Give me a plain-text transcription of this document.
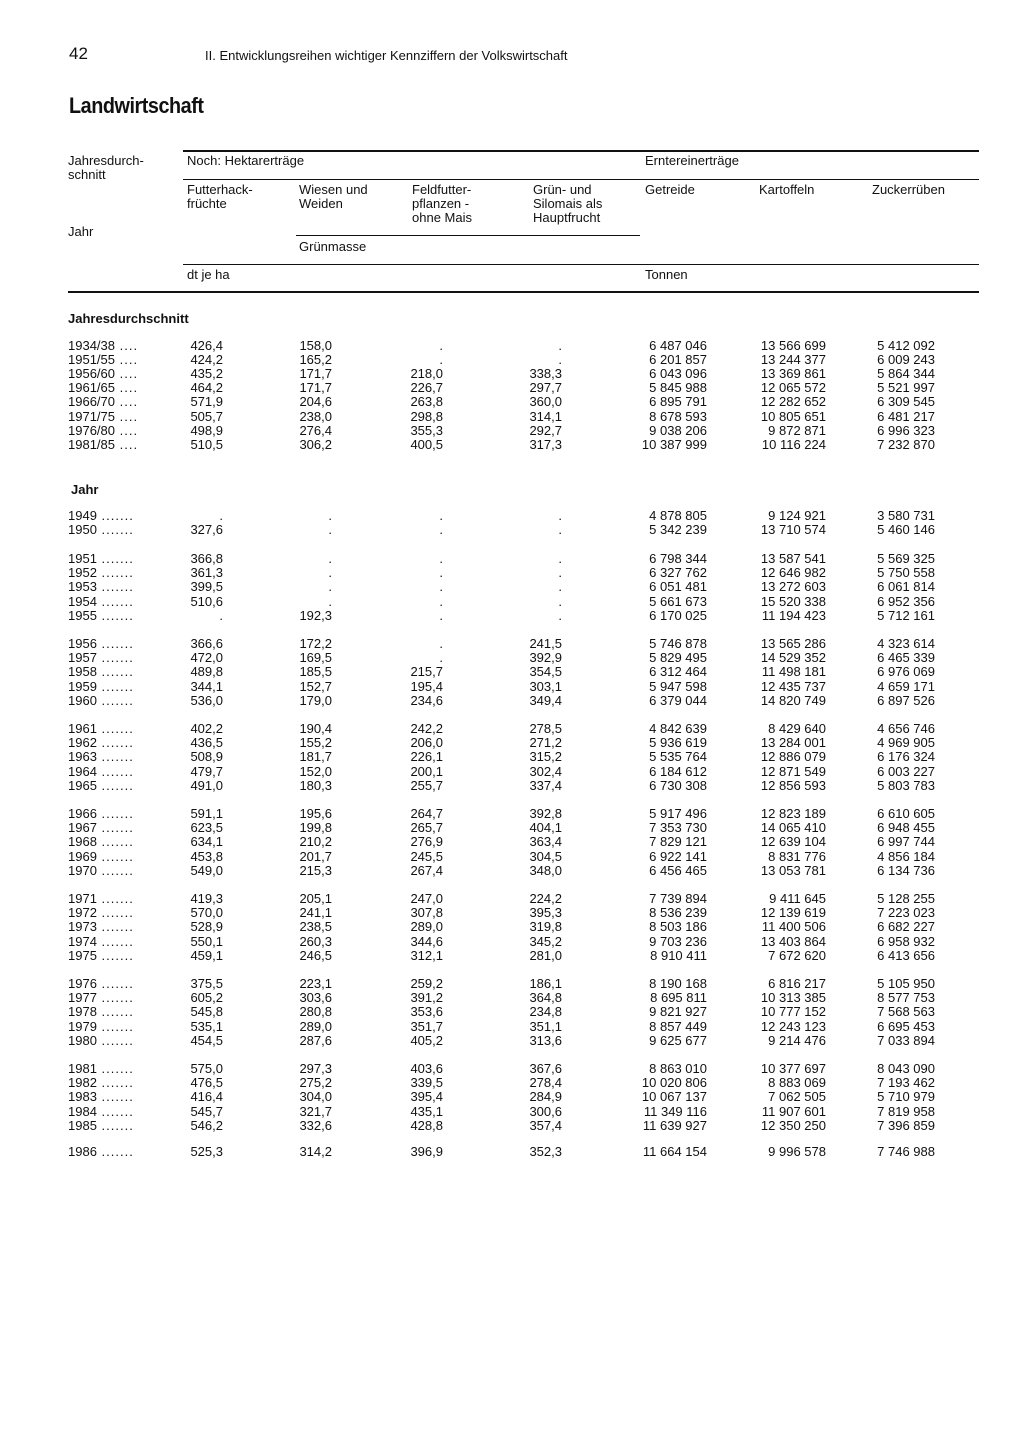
42	II. Entwicklungsreihen wichtiger Kennziffern der Volkswirtschaft
Landwirtschaft
Jahresdurch-
schnitt
Jahr
Noch: Hektarerträge	Erntereinerträge
Futterhack-
früchte
Wiesen und
Weiden
Feldfutter-
pflanzen -
ohne Mais
Grün- und
Silomais als
Hauptfrucht
Getreide	Kartoffeln	Zuckerrüben
Grünmasse
dt je ha	Tonnen
Jahresdurchschnitt
Jahr
1934/38 ....	426,4	158,0	.	.	6 487 046	13 566 699	5 412 092
1951/55 ....	424,2	165,2	.	.	6 201 857	13 244 377	6 009 243
1956/60 ....	435,2	171,7	218,0	338,3	6 043 096	13 369 861	5 864 344
1961/65 ....	464,2	171,7	226,7	297,7	5 845 988	12 065 572	5 521 997
1966/70 ....	571,9	204,6	263,8	360,0	6 895 791	12 282 652	6 309 545
1971/75 ....	505,7	238,0	298,8	314,1	8 678 593	10 805 651	6 481 217
1976/80 ....	498,9	276,4	355,3	292,7	9 038 206	9 872 871	6 996 323
1981/85 ....	510,5	306,2	400,5	317,3	10 387 999	10 116 224	7 232 870
1949 .......	.	.	.	.	4 878 805	9 124 921	3 580 731
1950 .......	327,6	.	.	.	5 342 239	13 710 574	5 460 146
1951 .......	366,8	.	.	.	6 798 344	13 587 541	5 569 325
1952 .......	361,3	.	.	.	6 327 762	12 646 982	5 750 558
1953 .......	399,5	.	.	.	6 051 481	13 272 603	6 061 814
1954 .......	510,6	.	.	.	5 661 673	15 520 338	6 952 356
1955 .......	.	192,3	.	.	6 170 025	11 194 423	5 712 161
1956 .......	366,6	172,2	.	241,5	5 746 878	13 565 286	4 323 614
1957 .......	472,0	169,5	.	392,9	5 829 495	14 529 352	6 465 339
1958 .......	489,8	185,5	215,7	354,5	6 312 464	11 498 181	6 976 069
1959 .......	344,1	152,7	195,4	303,1	5 947 598	12 435 737	4 659 171
1960 .......	536,0	179,0	234,6	349,4	6 379 044	14 820 749	6 897 526
1961 .......	402,2	190,4	242,2	278,5	4 842 639	8 429 640	4 656 746
1962 .......	436,5	155,2	206,0	271,2	5 936 619	13 284 001	4 969 905
1963 .......	508,9	181,7	226,1	315,2	5 535 764	12 886 079	6 176 324
1964 .......	479,7	152,0	200,1	302,4	6 184 612	12 871 549	6 003 227
1965 .......	491,0	180,3	255,7	337,4	6 730 308	12 856 593	5 803 783
1966 .......	591,1	195,6	264,7	392,8	5 917 496	12 823 189	6 610 605
1967 .......	623,5	199,8	265,7	404,1	7 353 730	14 065 410	6 948 455
1968 .......	634,1	210,2	276,9	363,4	7 829 121	12 639 104	6 997 744
1969 .......	453,8	201,7	245,5	304,5	6 922 141	8 831 776	4 856 184
1970 .......	549,0	215,3	267,4	348,0	6 456 465	13 053 781	6 134 736
1971 .......	419,3	205,1	247,0	224,2	7 739 894	9 411 645	5 128 255
1972 .......	570,0	241,1	307,8	395,3	8 536 239	12 139 619	7 223 023
1973 .......	528,9	238,5	289,0	319,8	8 503 186	11 400 506	6 682 227
1974 .......	550,1	260,3	344,6	345,2	9 703 236	13 403 864	6 958 932
1975 .......	459,1	246,5	312,1	281,0	8 910 411	7 672 620	6 413 656
1976 .......	375,5	223,1	259,2	186,1	8 190 168	6 816 217	5 105 950
1977 .......	605,2	303,6	391,2	364,8	8 695 811	10 313 385	8 577 753
1978 .......	545,8	280,8	353,6	234,8	9 821 927	10 777 152	7 568 563
1979 .......	535,1	289,0	351,7	351,1	8 857 449	12 243 123	6 695 453
1980 .......	454,5	287,6	405,2	313,6	9 625 677	9 214 476	7 033 894
1981 .......	575,0	297,3	403,6	367,6	8 863 010	10 377 697	8 043 090
1982 .......	476,5	275,2	339,5	278,4	10 020 806	8 883 069	7 193 462
1983 .......	416,4	304,0	395,4	284,9	10 067 137	7 062 505	5 710 979
1984 .......	545,7	321,7	435,1	300,6	11 349 116	11 907 601	7 819 958
1985 .......	546,2	332,6	428,8	357,4	11 639 927	12 350 250	7 396 859
1986 .......	525,3	314,2	396,9	352,3	11 664 154	9 996 578	7 746 988
